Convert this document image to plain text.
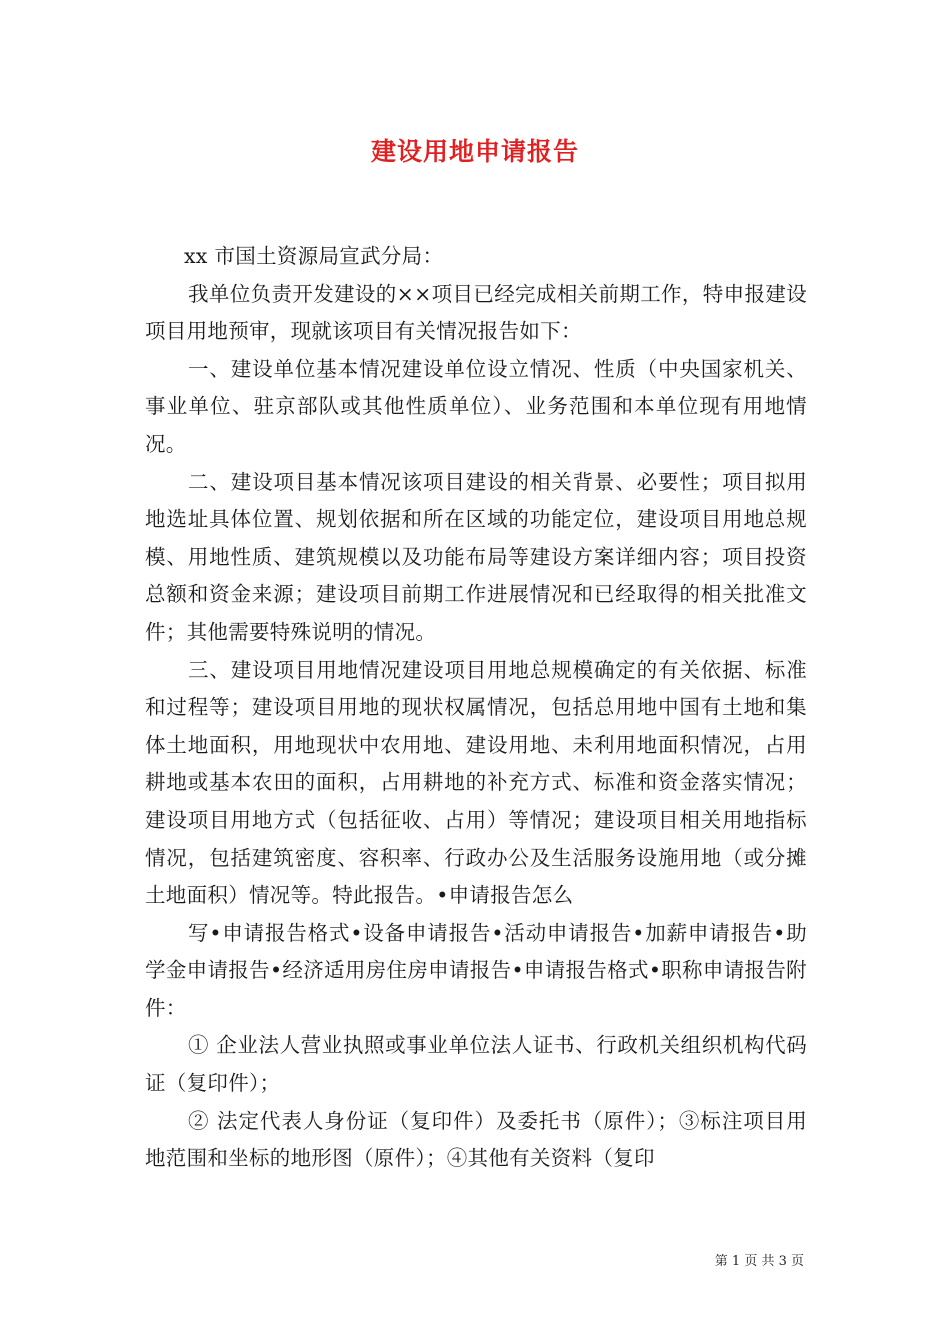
建设用地申请报告

xx 市国土资源局宣武分局：

我单位负责开发建设的××项目已经完成相关前期工作，特申报建设项目用地预审，现就该项目有关情况报告如下：

一、建设单位基本情况建设单位设立情况、性质（中央国家机关、事业单位、驻京部队或其他性质单位）、业务范围和本单位现有用地情况。

二、建设项目基本情况该项目建设的相关背景、必要性；项目拟用地选址具体位置、规划依据和所在区域的功能定位，建设项目用地总规模、用地性质、建筑规模以及功能布局等建设方案详细内容；项目投资总额和资金来源；建设项目前期工作进展情况和已经取得的相关批准文件；其他需要特殊说明的情况。

三、建设项目用地情况建设项目用地总规模确定的有关依据、标准和过程等；建设项目用地的现状权属情况，包括总用地中国有土地和集体土地面积，用地现状中农用地、建设用地、未利用地面积情况，占用耕地或基本农田的面积，占用耕地的补充方式、标准和资金落实情况；建设项目用地方式（包括征收、占用）等情况；建设项目相关用地指标情况，包括建筑密度、容积率、行政办公及生活服务设施用地（或分摊土地面积）情况等。特此报告。•申请报告怎么

写•申请报告格式•设备申请报告•活动申请报告•加薪申请报告•助学金申请报告•经济适用房住房申请报告•申请报告格式•职称申请报告附件：

① 企业法人营业执照或事业单位法人证书、行政机关组织机构代码证（复印件）；

② 法定代表人身份证（复印件）及委托书（原件）；③标注项目用地范围和坐标的地形图（原件）；④其他有关资料（复印

第 1 页 共 3 页
